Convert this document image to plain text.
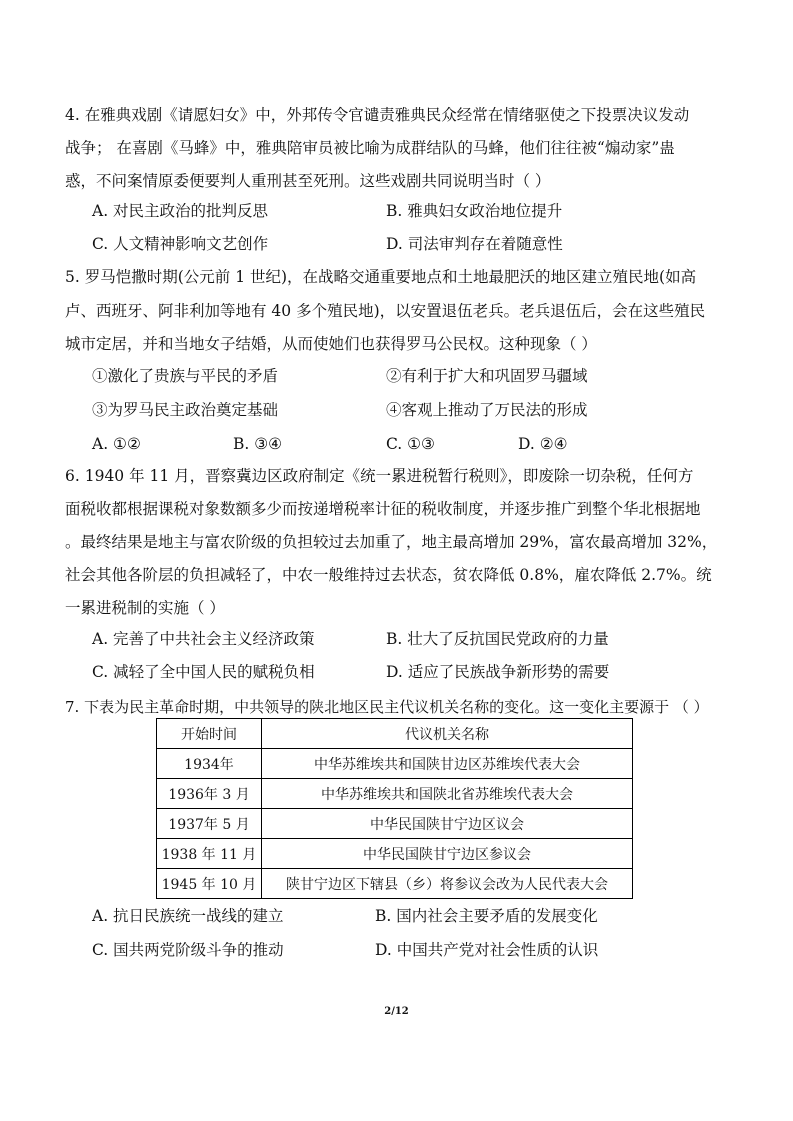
4. 在雅典戏剧《请愿妇女》中，外邦传令官谴责雅典民众经常在情绪驱使之下投票决议发动
战争； 在喜剧《马蜂》中，雅典陪审员被比喻为成群结队的马蜂，他们往往被“煽动家”蛊
惑，不问案情原委便要判人重刑甚至死刑。这些戏剧共同说明当时（ ）
A. 对民主政治的批判反思	B. 雅典妇女政治地位提升
C. 人文精神影响文艺创作	D. 司法审判存在着随意性
5. 罗马恺撒时期(公元前 1 世纪)，在战略交通重要地点和土地最肥沃的地区建立殖民地(如高
卢、西班牙、阿非利加等地有 40 多个殖民地)，以安置退伍老兵。老兵退伍后，会在这些殖民
城市定居，并和当地女子结婚，从而使她们也获得罗马公民权。这种现象（ ）
①激化了贵族与平民的矛盾	②有利于扩大和巩固罗马疆域
③为罗马民主政治奠定基础	④客观上推动了万民法的形成
A. ①②	B. ③④	C. ①③	D. ②④
6. 1940 年 11 月，晋察冀边区政府制定《统一累进税暂行税则》，即废除一切杂税，任何方
面税收都根据课税对象数额多少而按递增税率计征的税收制度，并逐步推广到整个华北根据地
。最终结果是地主与富农阶级的负担较过去加重了，地主最高增加 29%，富农最高增加 32%，
社会其他各阶层的负担减轻了，中农一般维持过去状态，贫农降低 0.8%，雇农降低 2.7%。统
一累进税制的实施（ ）
A. 完善了中共社会主义经济政策	B. 壮大了反抗国民党政府的力量
C. 减轻了全中国人民的赋税负相	D. 适应了民族战争新形势的需要
7. 下表为民主革命时期，中共领导的陕北地区民主代议机关名称的变化。这一变化主要源于 （ ）
开始时间	代议机关名称
1934年	中华苏维埃共和国陕甘边区苏维埃代表大会
1936年 3 月	中华苏维埃共和国陕北省苏维埃代表大会
1937年 5 月	中华民国陕甘宁边区议会
1938 年 11 月	中华民国陕甘宁边区参议会
1945 年 10 月	陕甘宁边区下辖县（乡）将参议会改为人民代表大会
A. 抗日民族统一战线的建立	B. 国内社会主要矛盾的发展变化
C. 国共两党阶级斗争的推动	D. 中国共产党对社会性质的认识
2/12
